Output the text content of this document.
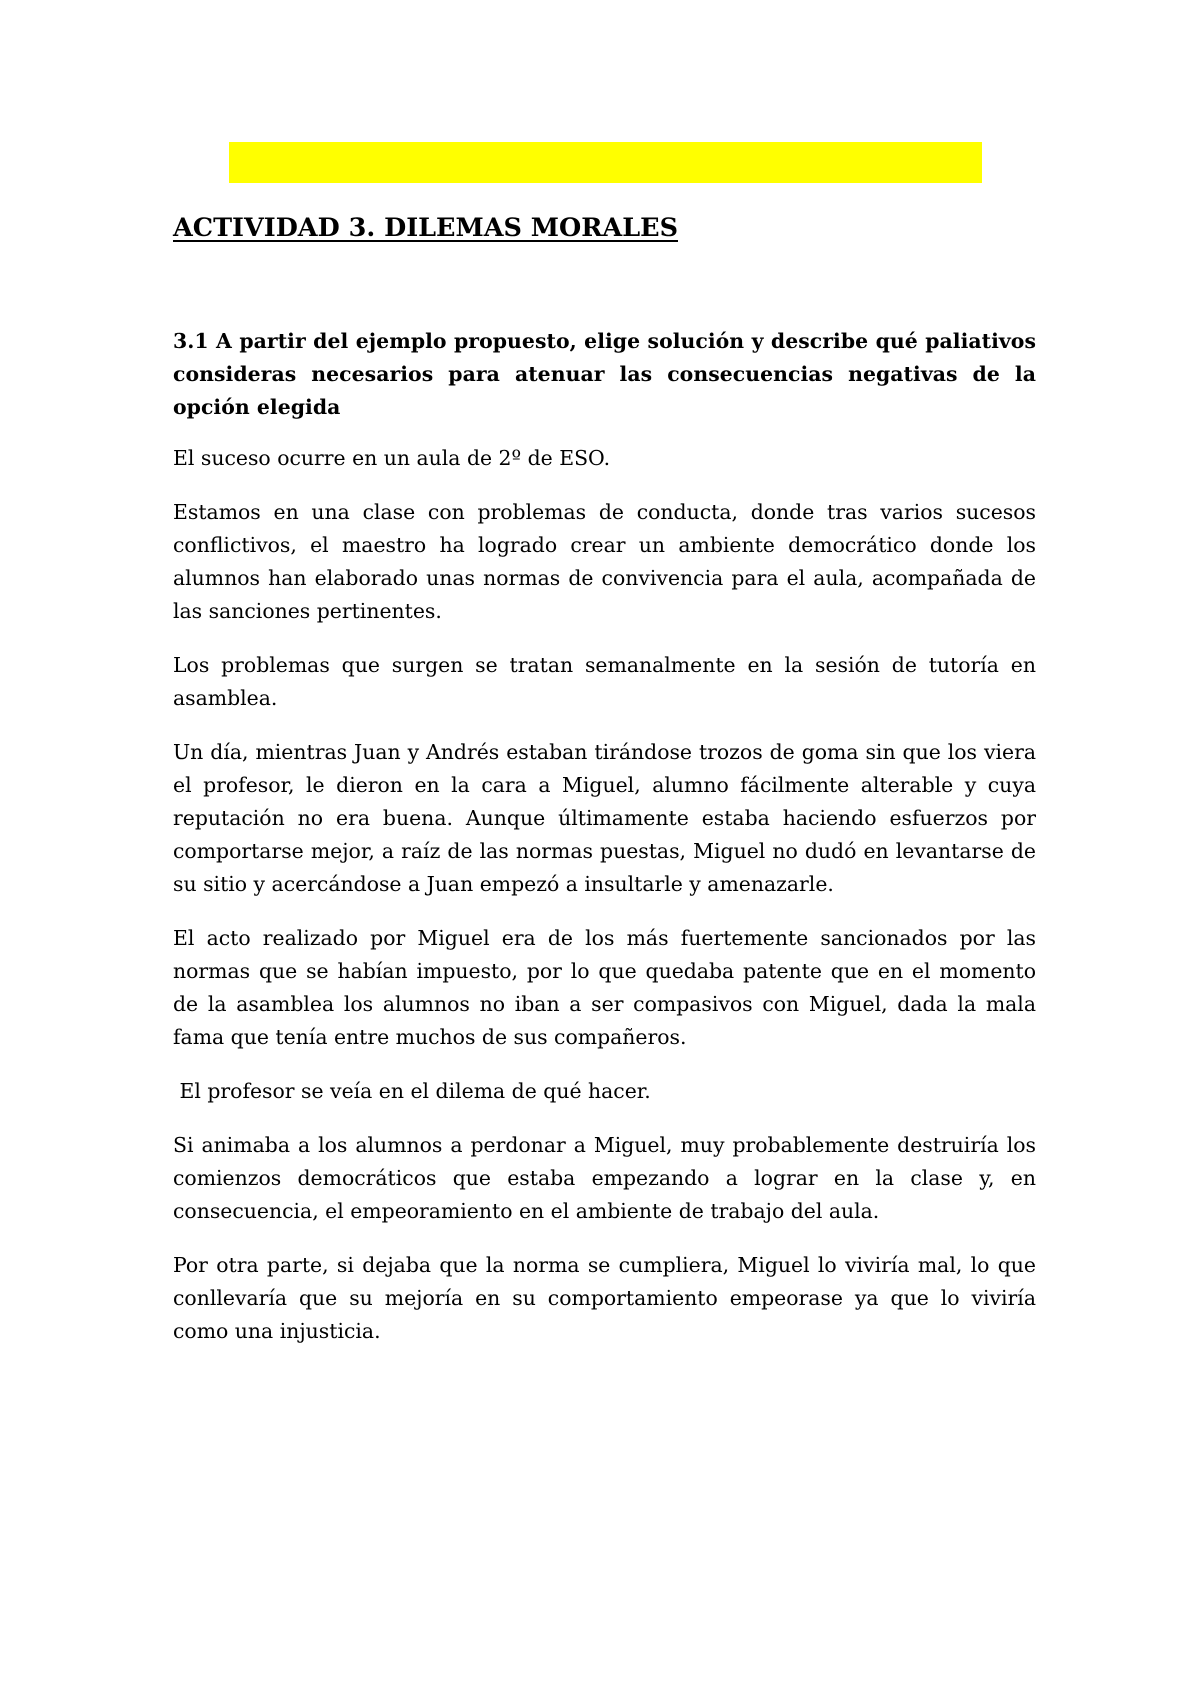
ACTIVIDAD 3. DILEMAS MORALES

3.1 A partir del ejemplo propuesto, elige solución y describe qué paliativos consideras necesarios para atenuar las consecuencias negativas de la opción elegida

El suceso ocurre en un aula de 2º de ESO.

Estamos en una clase con problemas de conducta, donde tras varios sucesos conflictivos, el maestro ha logrado crear un ambiente democrático donde los alumnos han elaborado unas normas de convivencia para el aula, acompañada de las sanciones pertinentes.

Los problemas que surgen se tratan semanalmente en la sesión de tutoría en asamblea.

Un día, mientras Juan y Andrés estaban tirándose trozos de goma sin que los viera el profesor, le dieron en la cara a Miguel, alumno fácilmente alterable y cuya reputación no era buena. Aunque últimamente estaba haciendo esfuerzos por comportarse mejor, a raíz de las normas puestas, Miguel no dudó en levantarse de su sitio y acercándose a Juan empezó a insultarle y amenazarle.

El acto realizado por Miguel era de los más fuertemente sancionados por las normas que se habían impuesto, por lo que quedaba patente que en el momento de la asamblea los alumnos no iban a ser compasivos con Miguel, dada la mala fama que tenía entre muchos de sus compañeros.

El profesor se veía en el dilema de qué hacer.

Si animaba a los alumnos a perdonar a Miguel, muy probablemente destruiría los comienzos democráticos que estaba empezando a lograr en la clase y, en consecuencia, el empeoramiento en el ambiente de trabajo del aula.

Por otra parte, si dejaba que la norma se cumpliera, Miguel lo viviría mal, lo que conllevaría que su mejoría en su comportamiento empeorase ya que lo viviría como una injusticia.
